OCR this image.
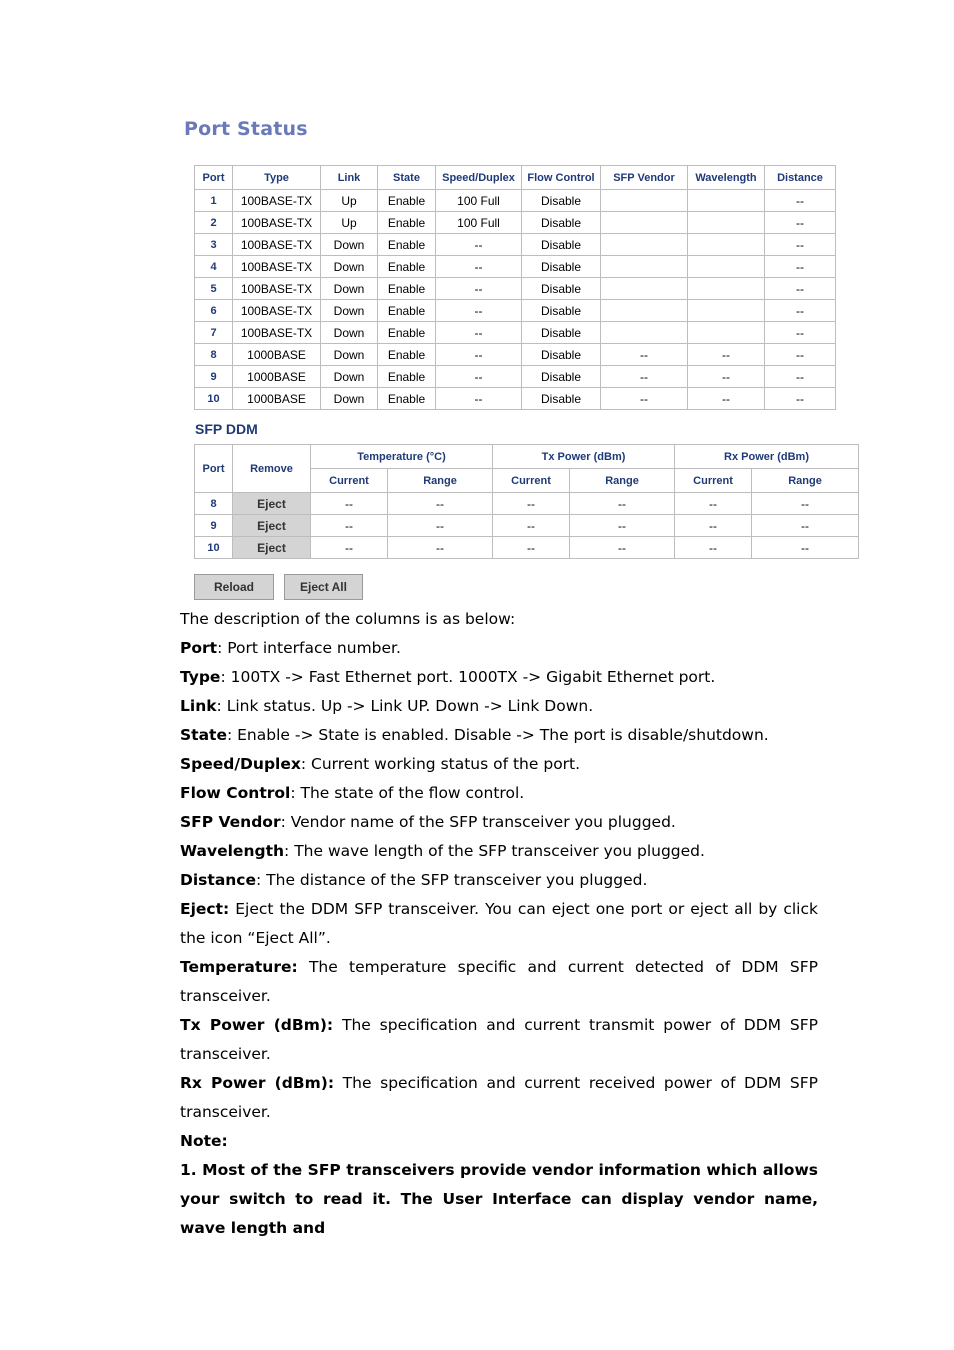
Port Status
Port	Type	Link	State	Speed/Duplex	Flow Control	SFP Vendor	Wavelength	Distance
1	100BASE-TX	Up	Enable	100 Full	Disable			--
2	100BASE-TX	Up	Enable	100 Full	Disable			--
3	100BASE-TX	Down	Enable	--	Disable			--
4	100BASE-TX	Down	Enable	--	Disable			--
5	100BASE-TX	Down	Enable	--	Disable			--
6	100BASE-TX	Down	Enable	--	Disable			--
7	100BASE-TX	Down	Enable	--	Disable			--
8	1000BASE	Down	Enable	--	Disable	--	--	--
9	1000BASE	Down	Enable	--	Disable	--	--	--
10	1000BASE	Down	Enable	--	Disable	--	--	--
SFP DDM
Port	Remove	Temperature (°C)		Tx Power (dBm)		Rx Power (dBm)	
		Current	Range	Current	Range	Current	Range
8	Eject	--	--	--	--	--	--
9	Eject	--	--	--	--	--	--
10	Eject	--	--	--	--	--	--
Reload	Eject All

The description of the columns is as below:

Port: Port interface number.

Type: 100TX -> Fast Ethernet port. 1000TX -> Gigabit Ethernet port.

Link: Link status. Up -> Link UP. Down -> Link Down.

State: Enable -> State is enabled. Disable -> The port is disable/shutdown.

Speed/Duplex: Current working status of the port.

Flow Control: The state of the flow control.

SFP Vendor: Vendor name of the SFP transceiver you plugged.

Wavelength: The wave length of the SFP transceiver you plugged.

Distance: The distance of the SFP transceiver you plugged.

Eject: Eject the DDM SFP transceiver. You can eject one port or eject all by click the icon “Eject All”.

Temperature: The temperature specific and current detected of DDM SFP transceiver.

Tx Power (dBm): The specification and current transmit power of DDM SFP transceiver.

Rx Power (dBm): The specification and current received power of DDM SFP transceiver.

Note:

1. Most of the SFP transceivers provide vendor information which allows your switch to read it. The User Interface can display vendor name, wave length and
